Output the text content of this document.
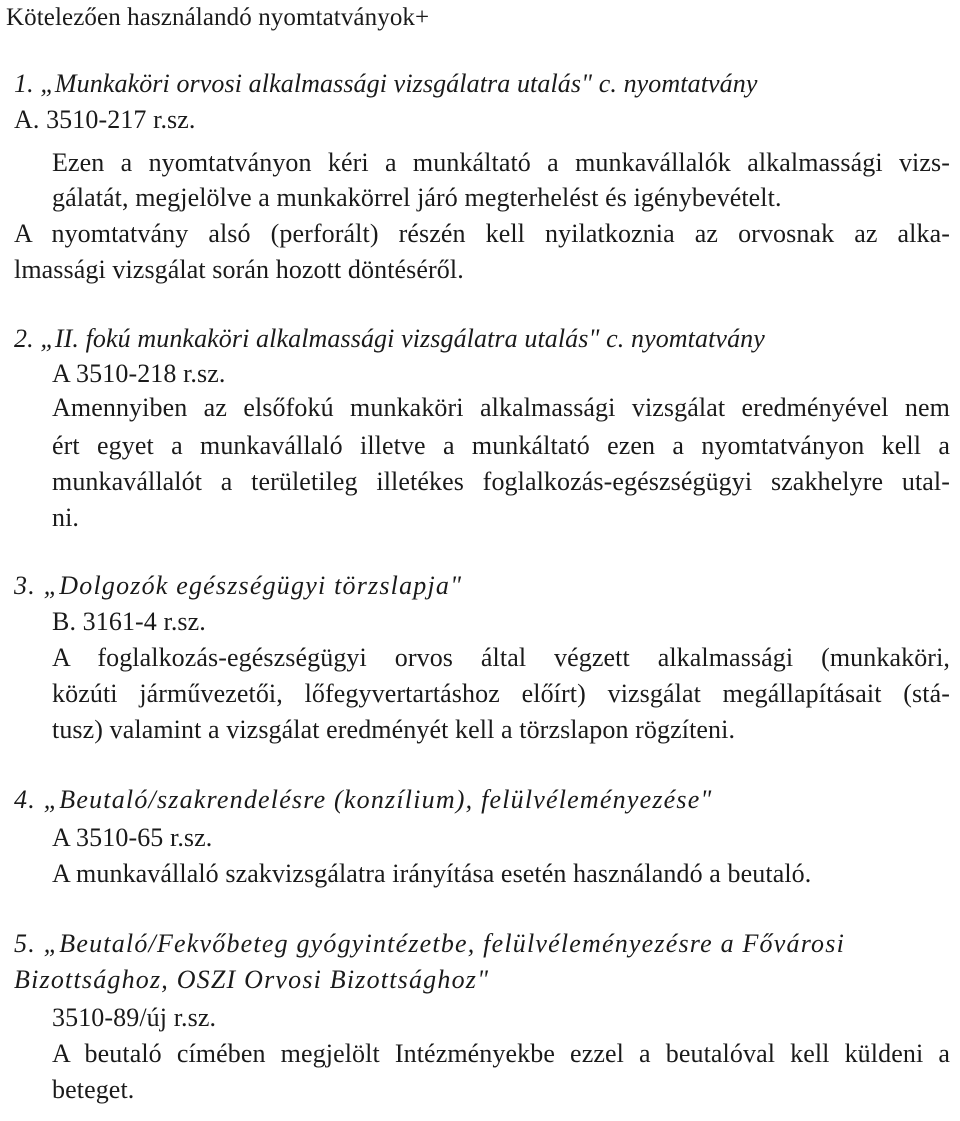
Kötelezően használandó nyomtatványok+
1. „Munkaköri orvosi alkalmassági vizsgálatra utalás" c. nyomtatvány
A. 3510-217 r.sz.
Ezen a nyomtatványon kéri a munkáltató a munkavállalók alkalmassági vizs-
gálatát, megjelölve a munkakörrel járó megterhelést és igénybevételt.
A nyomtatvány alsó (perforált) részén kell nyilatkoznia az orvosnak az alka-
lmassági vizsgálat során hozott döntéséről.
2. „II. fokú munkaköri alkalmassági vizsgálatra utalás" c. nyomtatvány
A 3510-218 r.sz.
Amennyiben az elsőfokú munkaköri alkalmassági vizsgálat eredményével nem
ért egyet a munkavállaló illetve a munkáltató ezen a nyomtatványon kell a
munkavállalót a területileg illetékes foglalkozás-egészségügyi szakhelyre utal-
ni.
3. „Dolgozók egészségügyi törzslapja"
B. 3161-4 r.sz.
A foglalkozás-egészségügyi orvos által végzett alkalmassági (munkaköri,
közúti járművezetői, lőfegyvertartáshoz előírt) vizsgálat megállapításait (stá-
tusz) valamint a vizsgálat eredményét kell a törzslapon rögzíteni.
4. „Beutaló/szakrendelésre (konzílium), felülvéleményezése"
A 3510-65 r.sz.
A munkavállaló szakvizsgálatra irányítása esetén használandó a beutaló.
5. „Beutaló/Fekvőbeteg gyógyintézetbe, felülvéleményezésre a Fővárosi
Bizottsághoz, OSZI Orvosi Bizottsághoz"
3510-89/új r.sz.
A beutaló címében megjelölt Intézményekbe ezzel a beutalóval kell küldeni a
beteget.
